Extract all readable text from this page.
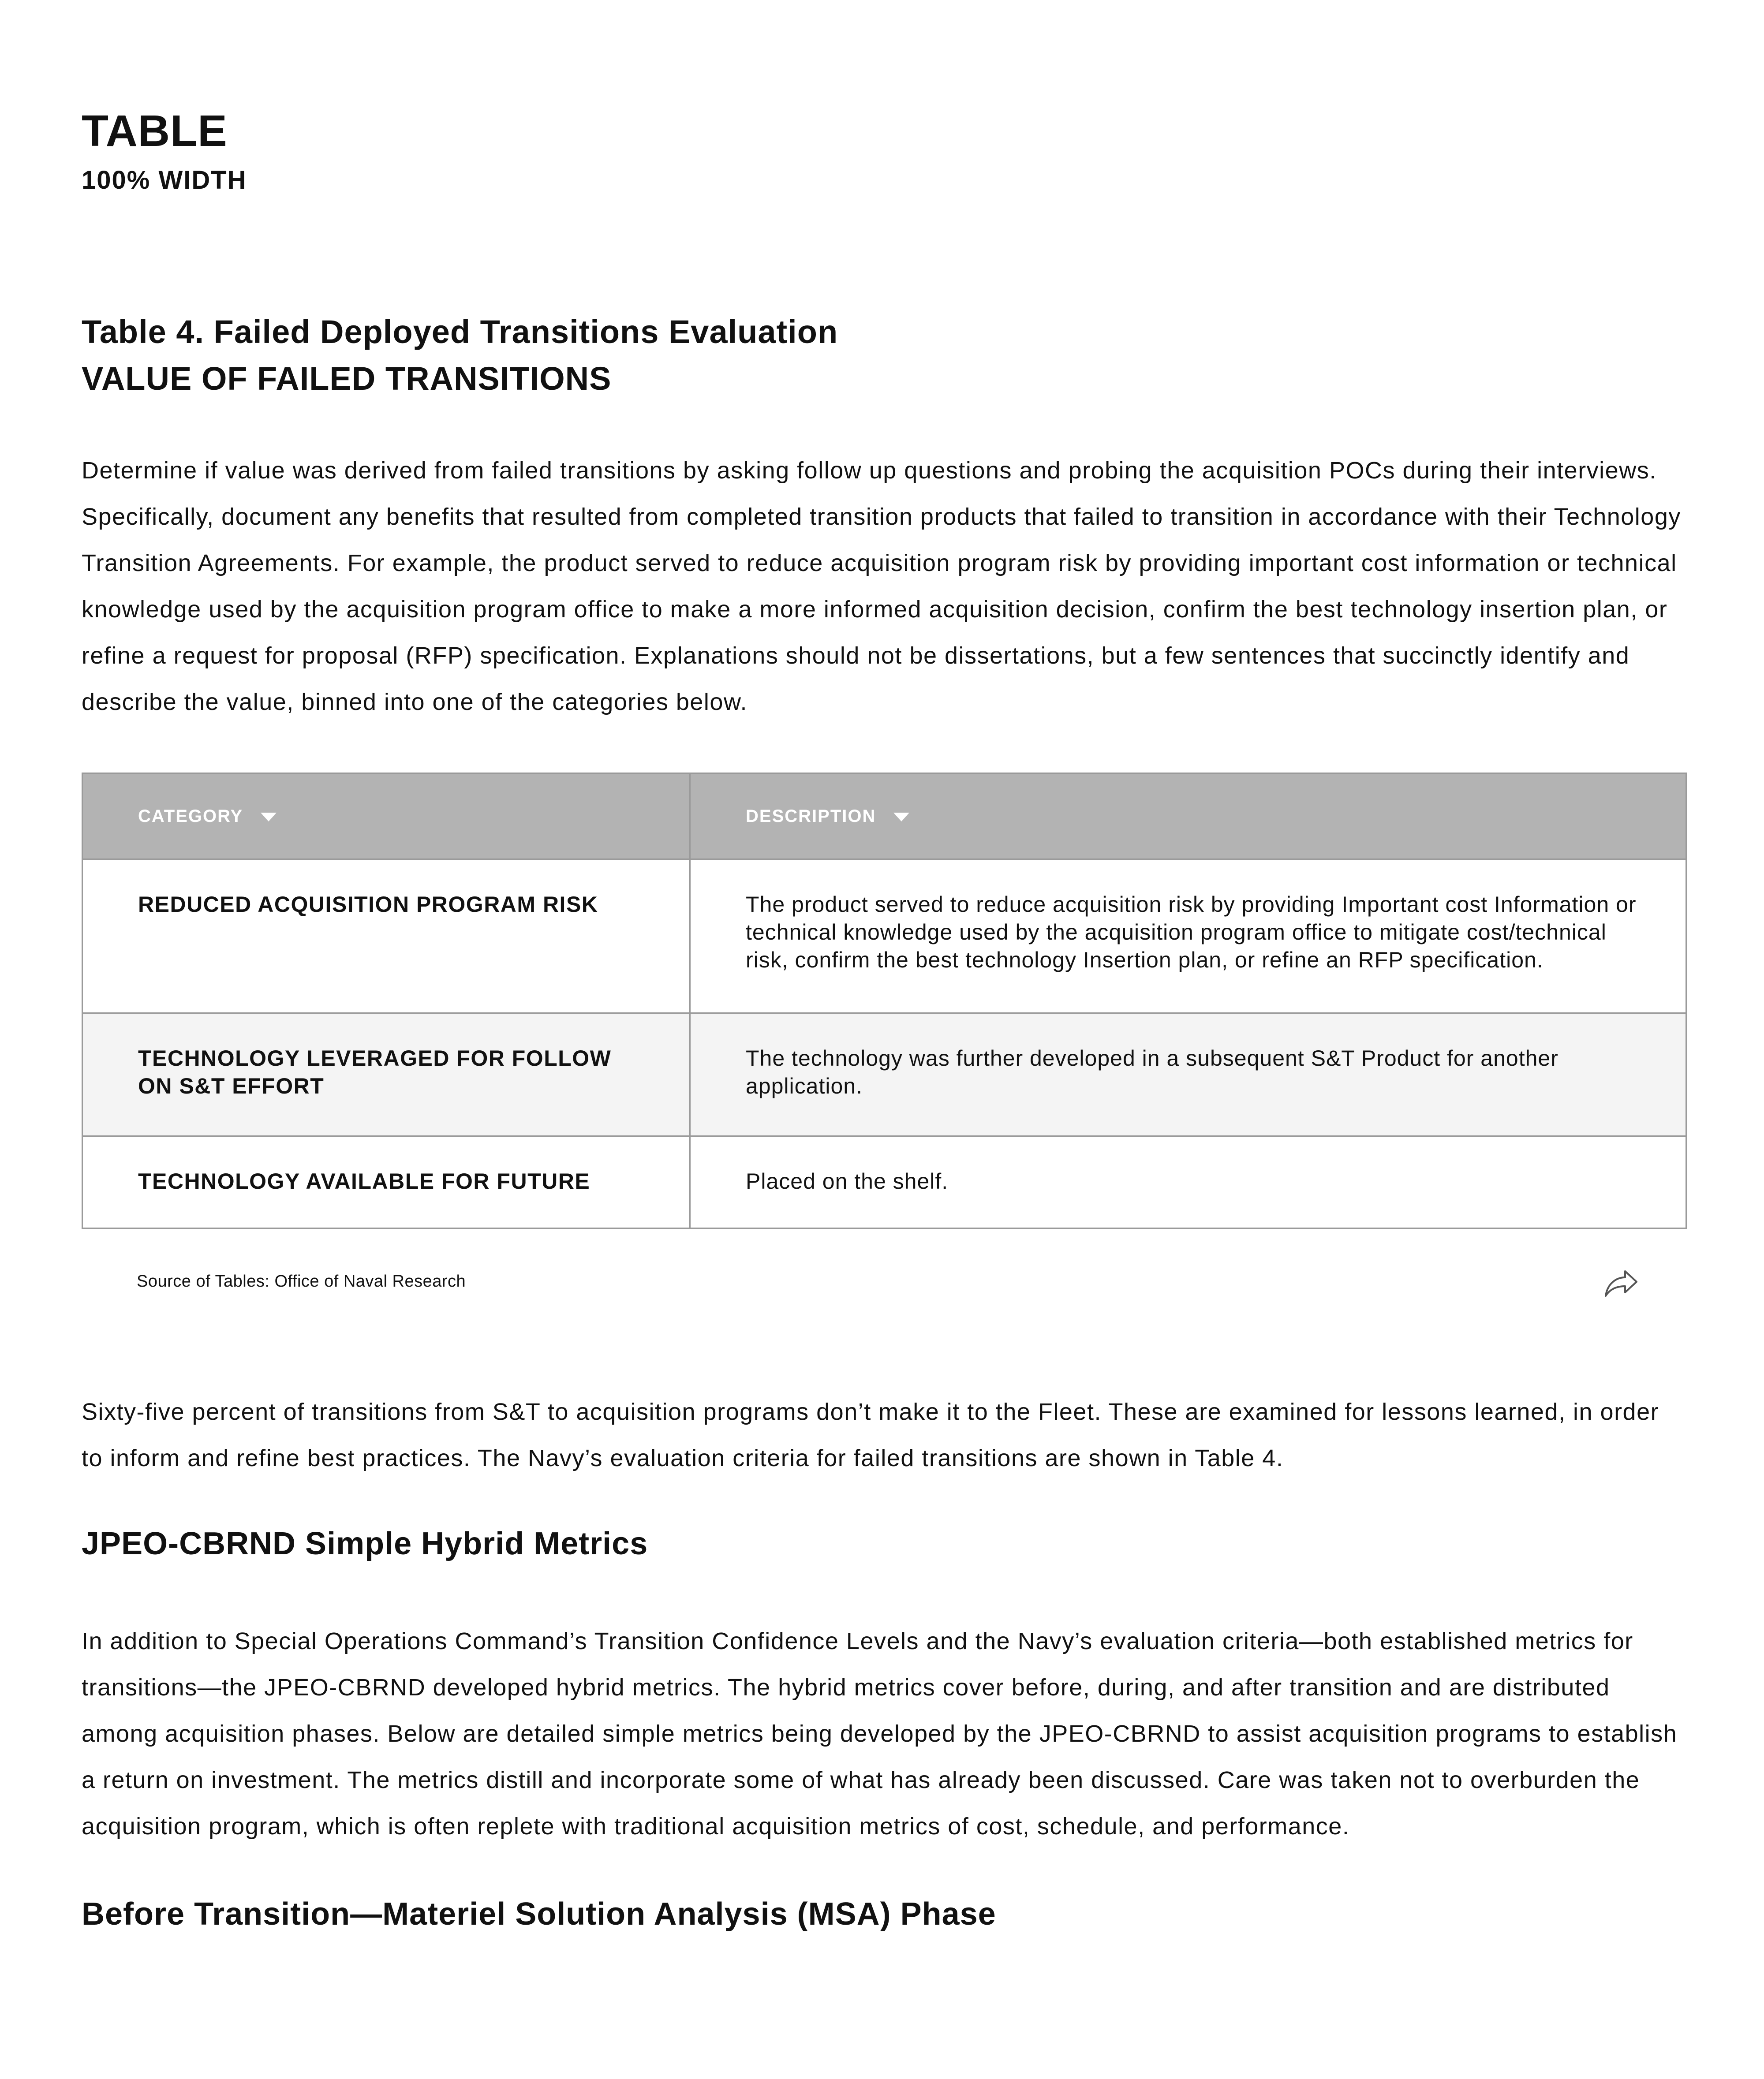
TABLE
100% WIDTH
Table 4. Failed Deployed Transitions Evaluation
VALUE OF FAILED TRANSITIONS

Determine if value was derived from failed transitions by asking follow up questions and probing the acquisition POCs during their interviews. Specifically, document any benefits that resulted from completed transition products that failed to transition in accordance with their Technology Transition Agreements. For example, the product served to reduce acquisition program risk by providing important cost information or technical knowledge used by the acquisition program office to make a more informed acquisition decision, confirm the best technology insertion plan, or refine a request for proposal (RFP) specification. Explanations should not be dissertations, but a few sentences that succinctly identify and describe the value, binned into one of the categories below.

CATEGORY	DESCRIPTION
REDUCED ACQUISITION PROGRAM RISK	The product served to reduce acquisition risk by providing Important cost Information or technical knowledge used by the acquisition program office to mitigate cost/technical risk, confirm the best technology Insertion plan, or refine an RFP specification.
TECHNOLOGY LEVERAGED FOR FOLLOW ON S&T EFFORT	The technology was further developed in a subsequent S&T Product for another application.
TECHNOLOGY AVAILABLE FOR FUTURE	Placed on the shelf.

Source of Tables: Office of Naval Research

Sixty-five percent of transitions from S&T to acquisition programs don’t make it to the Fleet. These are examined for lessons learned, in order to inform and refine best practices. The Navy’s evaluation criteria for failed transitions are shown in Table 4.

JPEO-CBRND Simple Hybrid Metrics

In addition to Special Operations Command’s Transition Confidence Levels and the Navy’s evaluation criteria—both established metrics for transitions—the JPEO-CBRND developed hybrid metrics. The hybrid metrics cover before, during, and after transition and are distributed among acquisition phases. Below are detailed simple metrics being developed by the JPEO-CBRND to assist acquisition programs to establish a return on investment. The metrics distill and incorporate some of what has already been discussed. Care was taken not to overburden the acquisition program, which is often replete with traditional acquisition metrics of cost, schedule, and performance.

Before Transition—Materiel Solution Analysis (MSA) Phase
